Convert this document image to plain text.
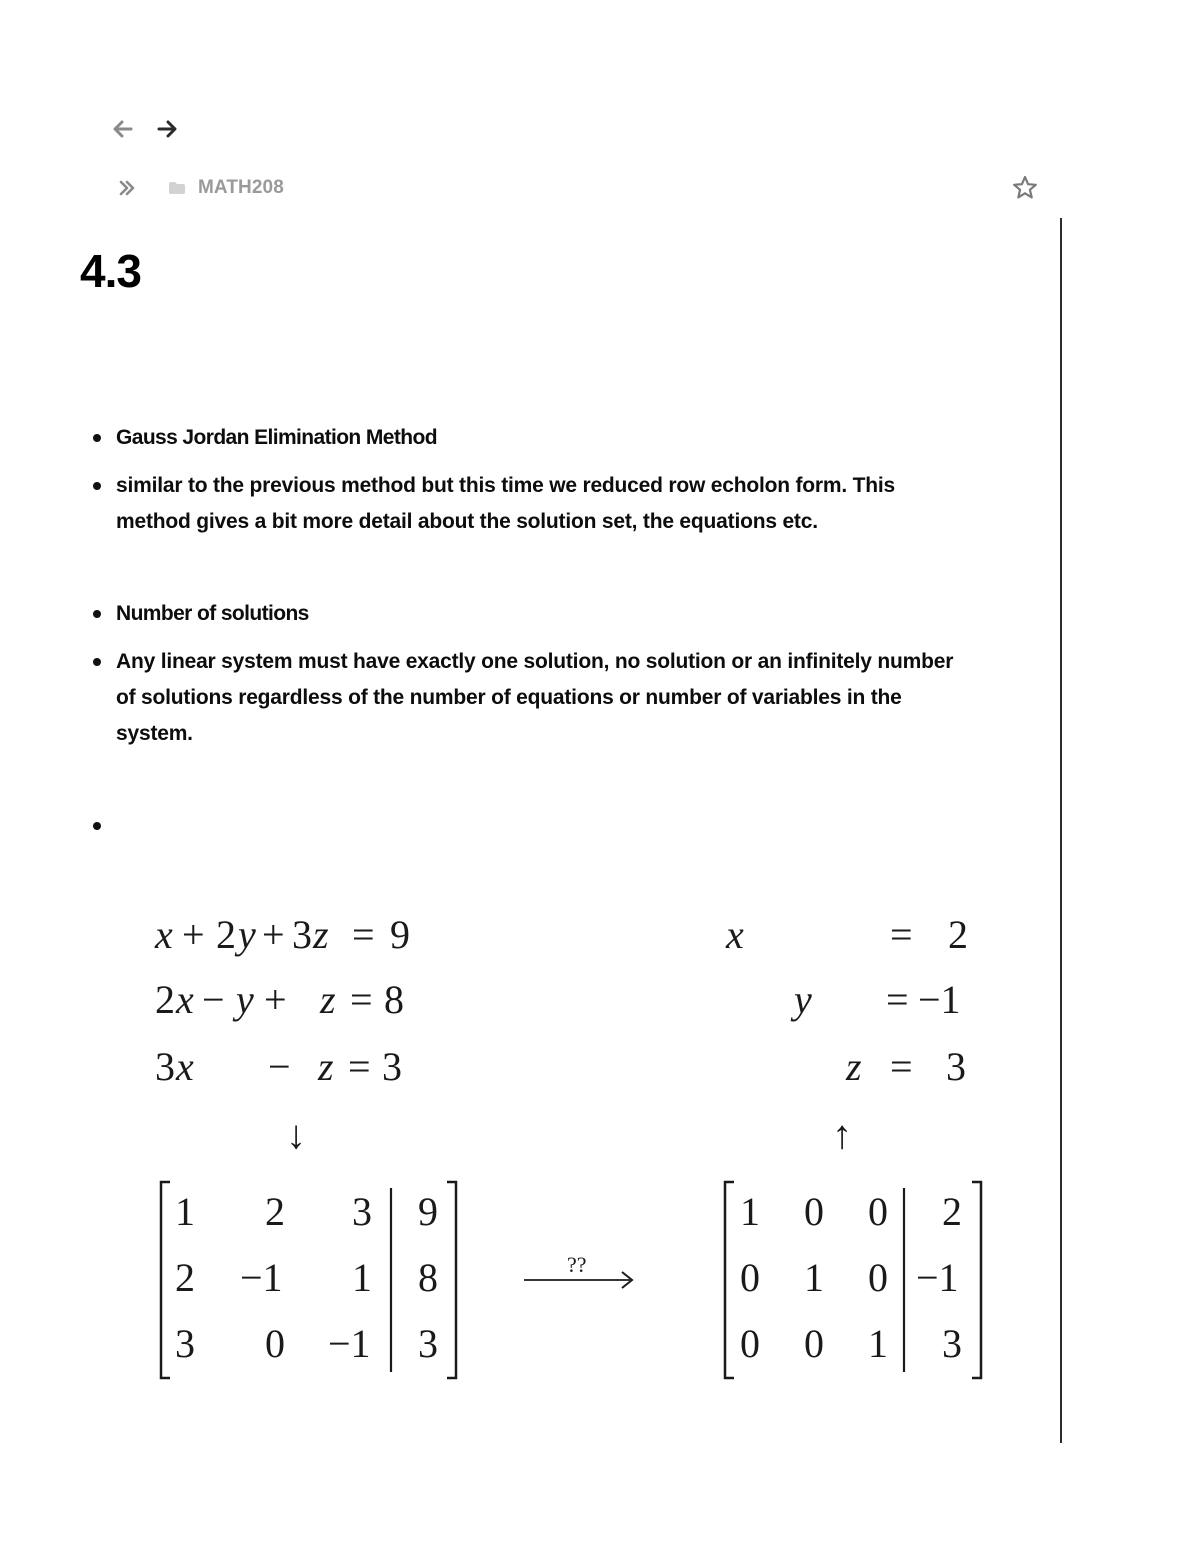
MATH208
4.3
Gauss Jordan Elimination Method
similar to the previous method but this time we reduced row echolon form. This method gives a bit more detail about the solution set, the equations etc.
Number of solutions
Any linear system must have exactly one solution, no solution or an infinitely number of solutions regardless of the number of equations or number of variables in the system.
x + 2 y + 3 z = 9
2 x − y + z = 8
3 x − z = 3
x	= 2
y = −1
z = 3
↓	↑
1 2 3 9
2 −1 1 8
3 0 −1 3
1 0 0 2
0 1 0 −1
0 0 1 3
??
